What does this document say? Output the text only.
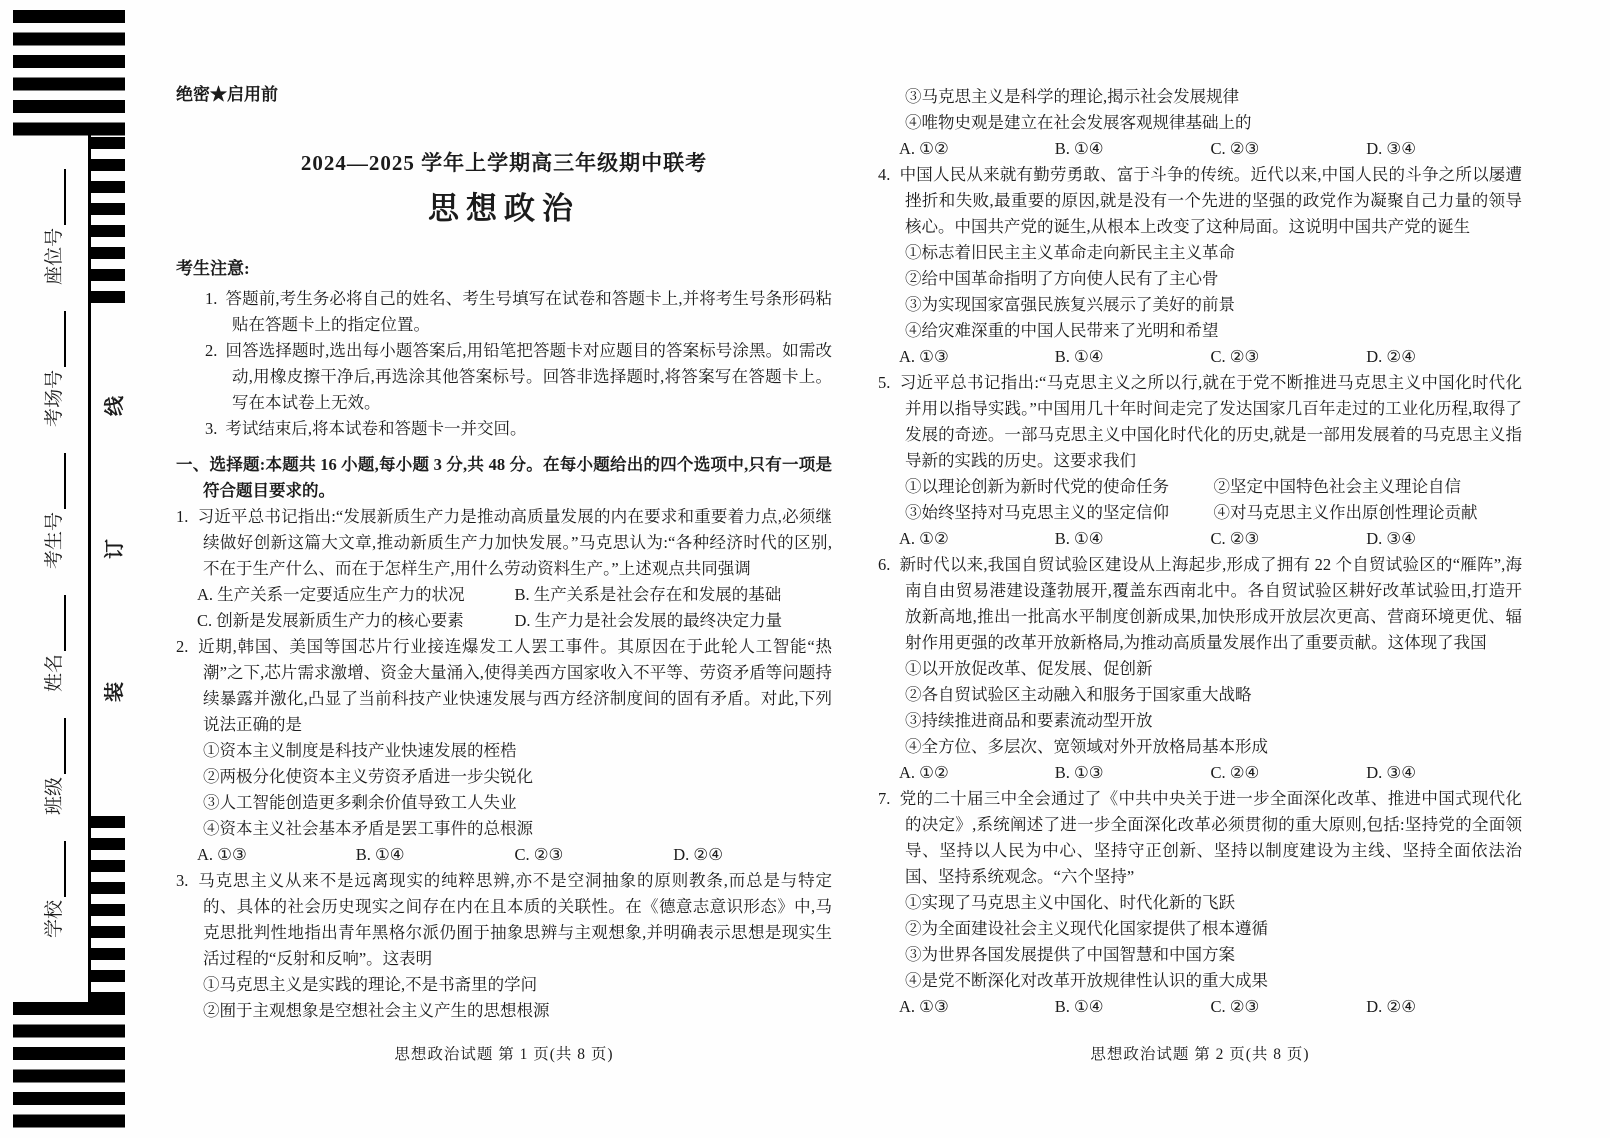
学校
班级
姓名
考生号
考场号
座位号
装
订
线
绝密★启用前
2024—2025 学年上学期高三年级期中联考
思想政治
考生注意:
1. 答题前,考生务必将自己的姓名、考生号填写在试卷和答题卡上,并将考生号条形码粘贴在答题卡上的指定位置。
2. 回答选择题时,选出每小题答案后,用铅笔把答题卡对应题目的答案标号涂黑。如需改动,用橡皮擦干净后,再选涂其他答案标号。回答非选择题时,将答案写在答题卡上。写在本试卷上无效。
3. 考试结束后,将本试卷和答题卡一并交回。
一、选择题:本题共 16 小题,每小题 3 分,共 48 分。在每小题给出的四个选项中,只有一项是符合题目要求的。
1. 习近平总书记指出:“发展新质生产力是推动高质量发展的内在要求和重要着力点,必须继续做好创新这篇大文章,推动新质生产力加快发展。”马克思认为:“各种经济时代的区别,不在于生产什么、而在于怎样生产,用什么劳动资料生产。”上述观点共同强调
A. 生产关系一定要适应生产力的状况	B. 生产关系是社会存在和发展的基础
C. 创新是发展新质生产力的核心要素	D. 生产力是社会发展的最终决定力量
2. 近期,韩国、美国等国芯片行业接连爆发工人罢工事件。其原因在于此轮人工智能“热潮”之下,芯片需求激增、资金大量涌入,使得美西方国家收入不平等、劳资矛盾等问题持续暴露并激化,凸显了当前科技产业快速发展与西方经济制度间的固有矛盾。对此,下列说法正确的是
①资本主义制度是科技产业快速发展的桎梏
②两极分化使资本主义劳资矛盾进一步尖锐化
③人工智能创造更多剩余价值导致工人失业
④资本主义社会基本矛盾是罢工事件的总根源
A. ①③	B. ①④	C. ②③	D. ②④
3. 马克思主义从来不是远离现实的纯粹思辨,亦不是空洞抽象的原则教条,而总是与特定的、具体的社会历史现实之间存在内在且本质的关联性。在《德意志意识形态》中,马克思批判性地指出青年黑格尔派仍囿于抽象思辨与主观想象,并明确表示思想是现实生活过程的“反射和反响”。这表明
①马克思主义是实践的理论,不是书斋里的学问
②囿于主观想象是空想社会主义产生的思想根源
思想政治试题 第 1 页(共 8 页)
③马克思主义是科学的理论,揭示社会发展规律
④唯物史观是建立在社会发展客观规律基础上的
A. ①②	B. ①④	C. ②③	D. ③④
4. 中国人民从来就有勤劳勇敢、富于斗争的传统。近代以来,中国人民的斗争之所以屡遭挫折和失败,最重要的原因,就是没有一个先进的坚强的政党作为凝聚自己力量的领导核心。中国共产党的诞生,从根本上改变了这种局面。这说明中国共产党的诞生
①标志着旧民主主义革命走向新民主主义革命
②给中国革命指明了方向使人民有了主心骨
③为实现国家富强民族复兴展示了美好的前景
④给灾难深重的中国人民带来了光明和希望
A. ①③	B. ①④	C. ②③	D. ②④
5. 习近平总书记指出:“马克思主义之所以行,就在于党不断推进马克思主义中国化时代化并用以指导实践。”中国用几十年时间走完了发达国家几百年走过的工业化历程,取得了发展的奇迹。一部马克思主义中国化时代化的历史,就是一部用发展着的马克思主义指导新的实践的历史。这要求我们
①以理论创新为新时代党的使命任务	②坚定中国特色社会主义理论自信
③始终坚持对马克思主义的坚定信仰	④对马克思主义作出原创性理论贡献
A. ①②	B. ①④	C. ②③	D. ③④
6. 新时代以来,我国自贸试验区建设从上海起步,形成了拥有 22 个自贸试验区的“雁阵”,海南自由贸易港建设蓬勃展开,覆盖东西南北中。各自贸试验区耕好改革试验田,打造开放新高地,推出一批高水平制度创新成果,加快形成开放层次更高、营商环境更优、辐射作用更强的改革开放新格局,为推动高质量发展作出了重要贡献。这体现了我国
①以开放促改革、促发展、促创新
②各自贸试验区主动融入和服务于国家重大战略
③持续推进商品和要素流动型开放
④全方位、多层次、宽领域对外开放格局基本形成
A. ①②	B. ①③	C. ②④	D. ③④
7. 党的二十届三中全会通过了《中共中央关于进一步全面深化改革、推进中国式现代化的决定》,系统阐述了进一步全面深化改革必须贯彻的重大原则,包括:坚持党的全面领导、坚持以人民为中心、坚持守正创新、坚持以制度建设为主线、坚持全面依法治国、坚持系统观念。“六个坚持”
①实现了马克思主义中国化、时代化新的飞跃
②为全面建设社会主义现代化国家提供了根本遵循
③为世界各国发展提供了中国智慧和中国方案
④是党不断深化对改革开放规律性认识的重大成果
A. ①③	B. ①④	C. ②③	D. ②④
思想政治试题 第 2 页(共 8 页)
